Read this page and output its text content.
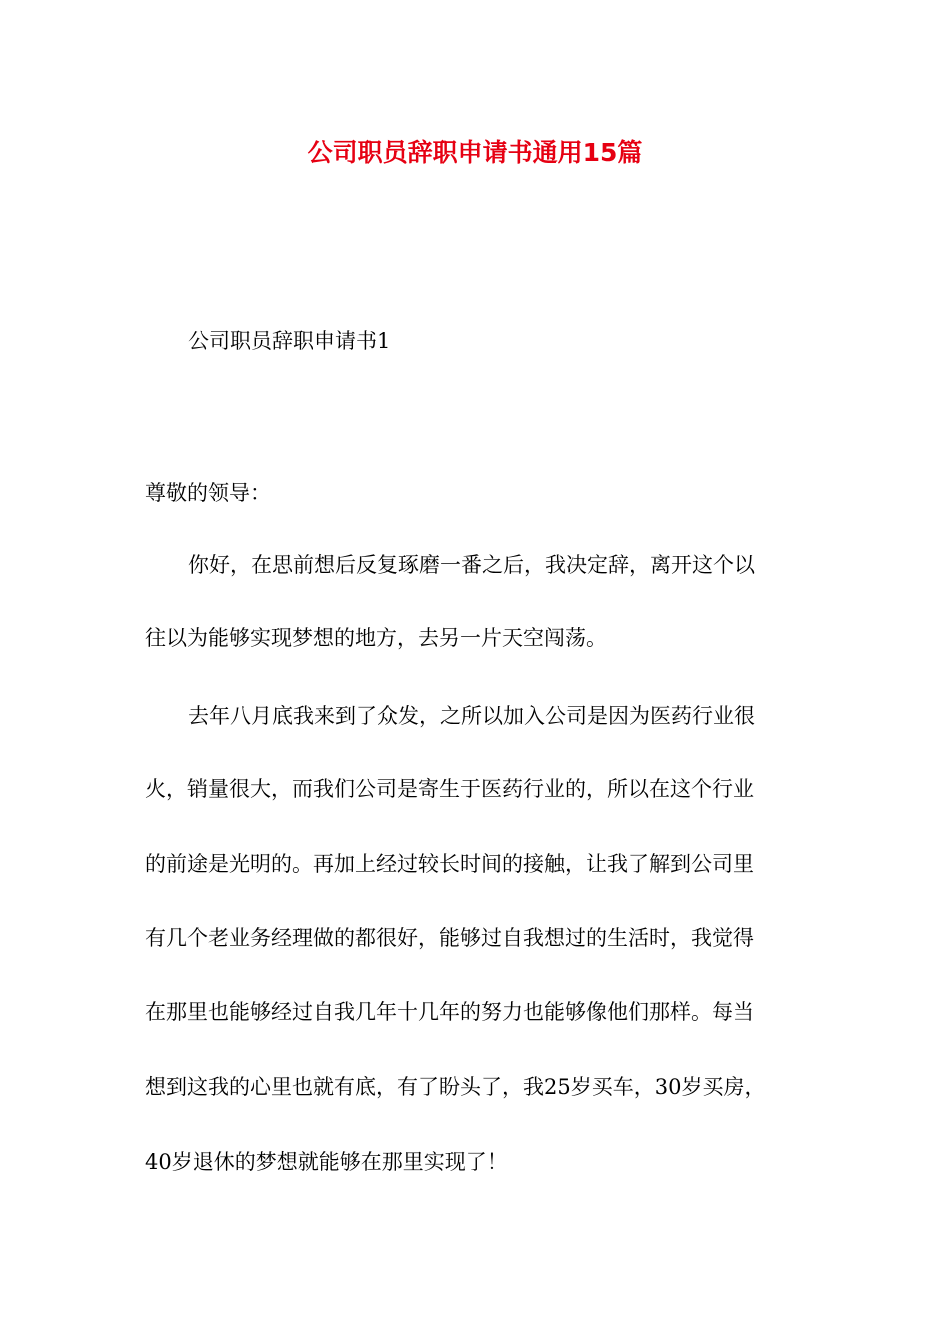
公司职员辞职申请书通用15篇
公司职员辞职申请书1
尊敬的领导：
你好，在思前想后反复琢磨一番之后，我决定辞，离开这个以
往以为能够实现梦想的地方，去另一片天空闯荡。
去年八月底我来到了众发，之所以加入公司是因为医药行业很
火，销量很大，而我们公司是寄生于医药行业的，所以在这个行业
的前途是光明的。再加上经过较长时间的接触，让我了解到公司里
有几个老业务经理做的都很好，能够过自我想过的生活时，我觉得
在那里也能够经过自我几年十几年的努力也能够像他们那样。每当
想到这我的心里也就有底，有了盼头了，我25岁买车，30岁买房，
40岁退休的梦想就能够在那里实现了！
